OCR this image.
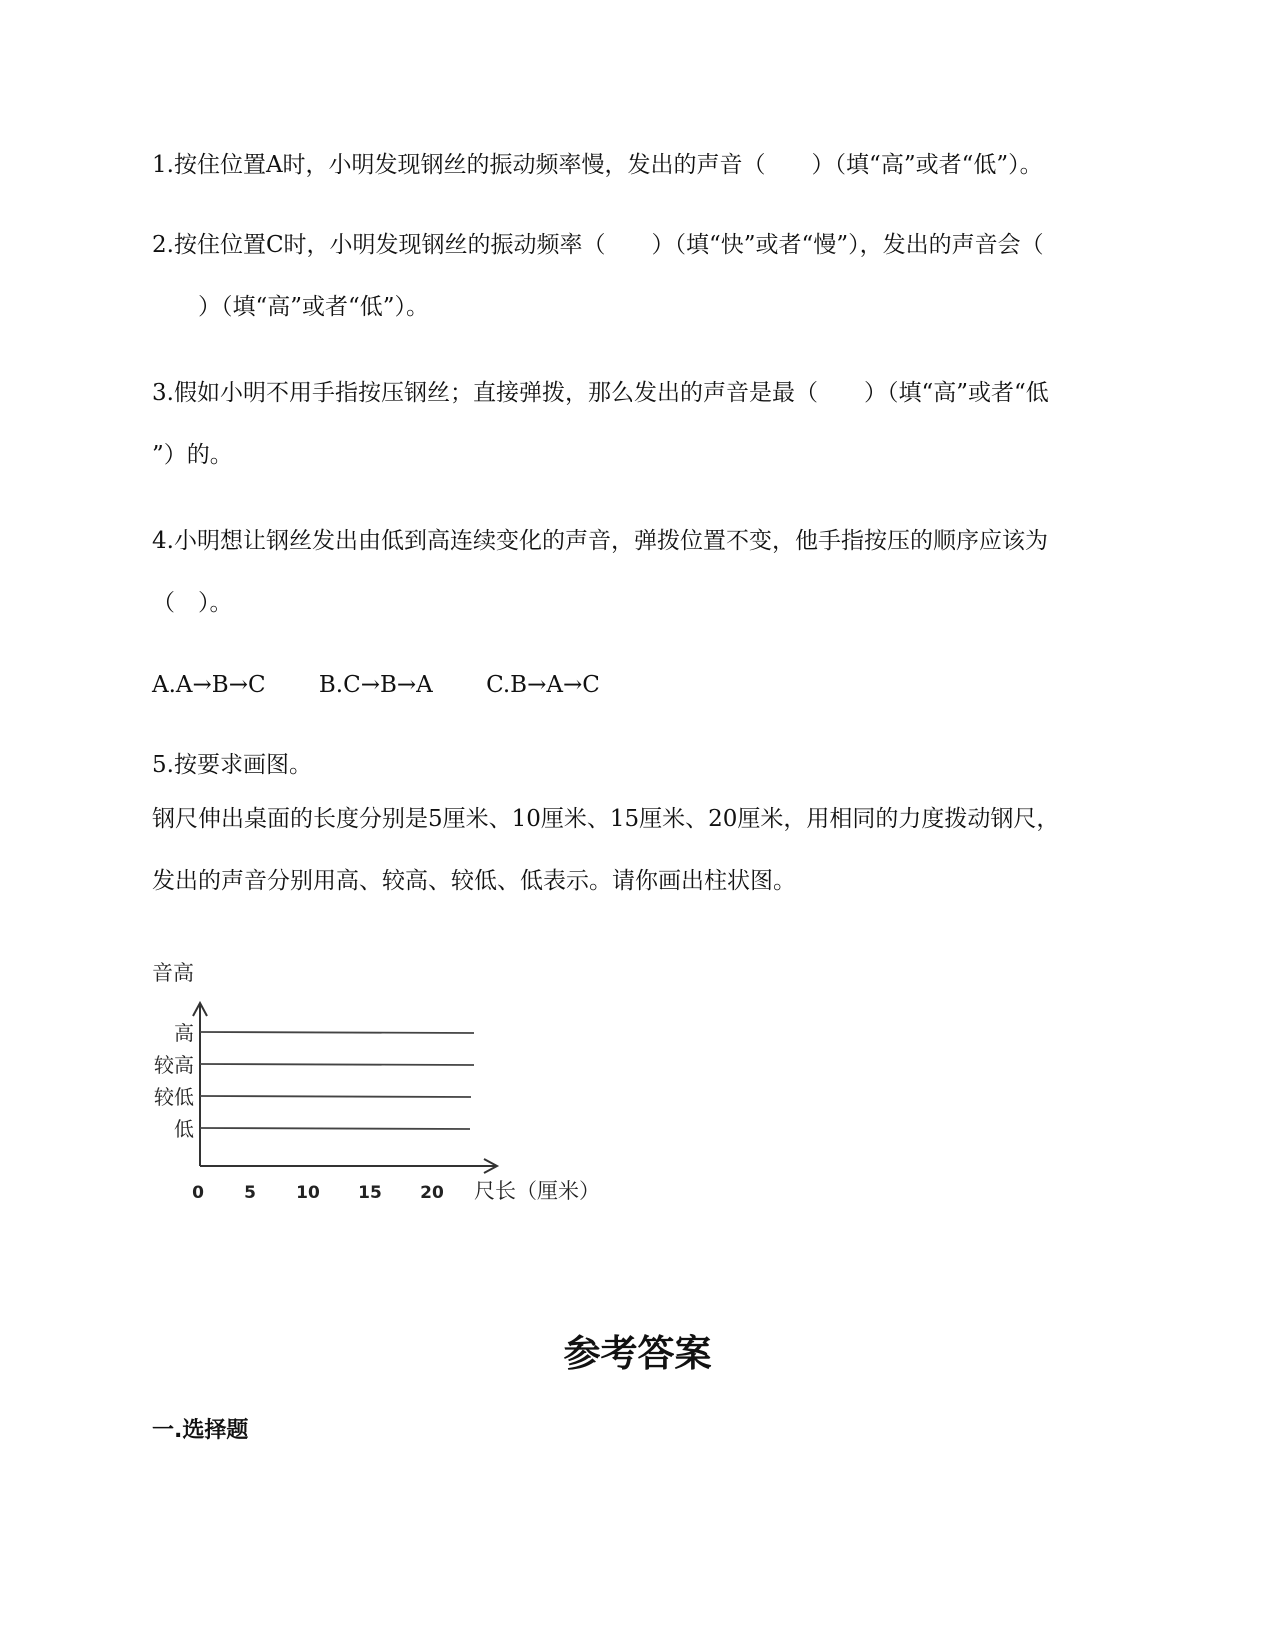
1.按住位置A时，小明发现钢丝的振动频率慢，发出的声音（　　）（填“高”或者“低”）。
2.按住位置C时，小明发现钢丝的振动频率（　　）（填“快”或者“慢”），发出的声音会（
　　）（填“高”或者“低”）。
3.假如小明不用手指按压钢丝；直接弹拨，那么发出的声音是最（　　）（填“高”或者“低
”）的。
4.小明想让钢丝发出由低到高连续变化的声音，弹拨位置不变，他手指按压的顺序应该为
（　）。
A.A→B→C B.C→B→A C.B→A→C
5.按要求画图。
钢尺伸出桌面的长度分别是5厘米、10厘米、15厘米、20厘米，用相同的力度拨动钢尺，
发出的声音分别用高、较高、较低、低表示。请你画出柱状图。
音高
尺长（厘米）
高
较高
较低
低
0 5 10 15 20
参考答案
一.选择题
